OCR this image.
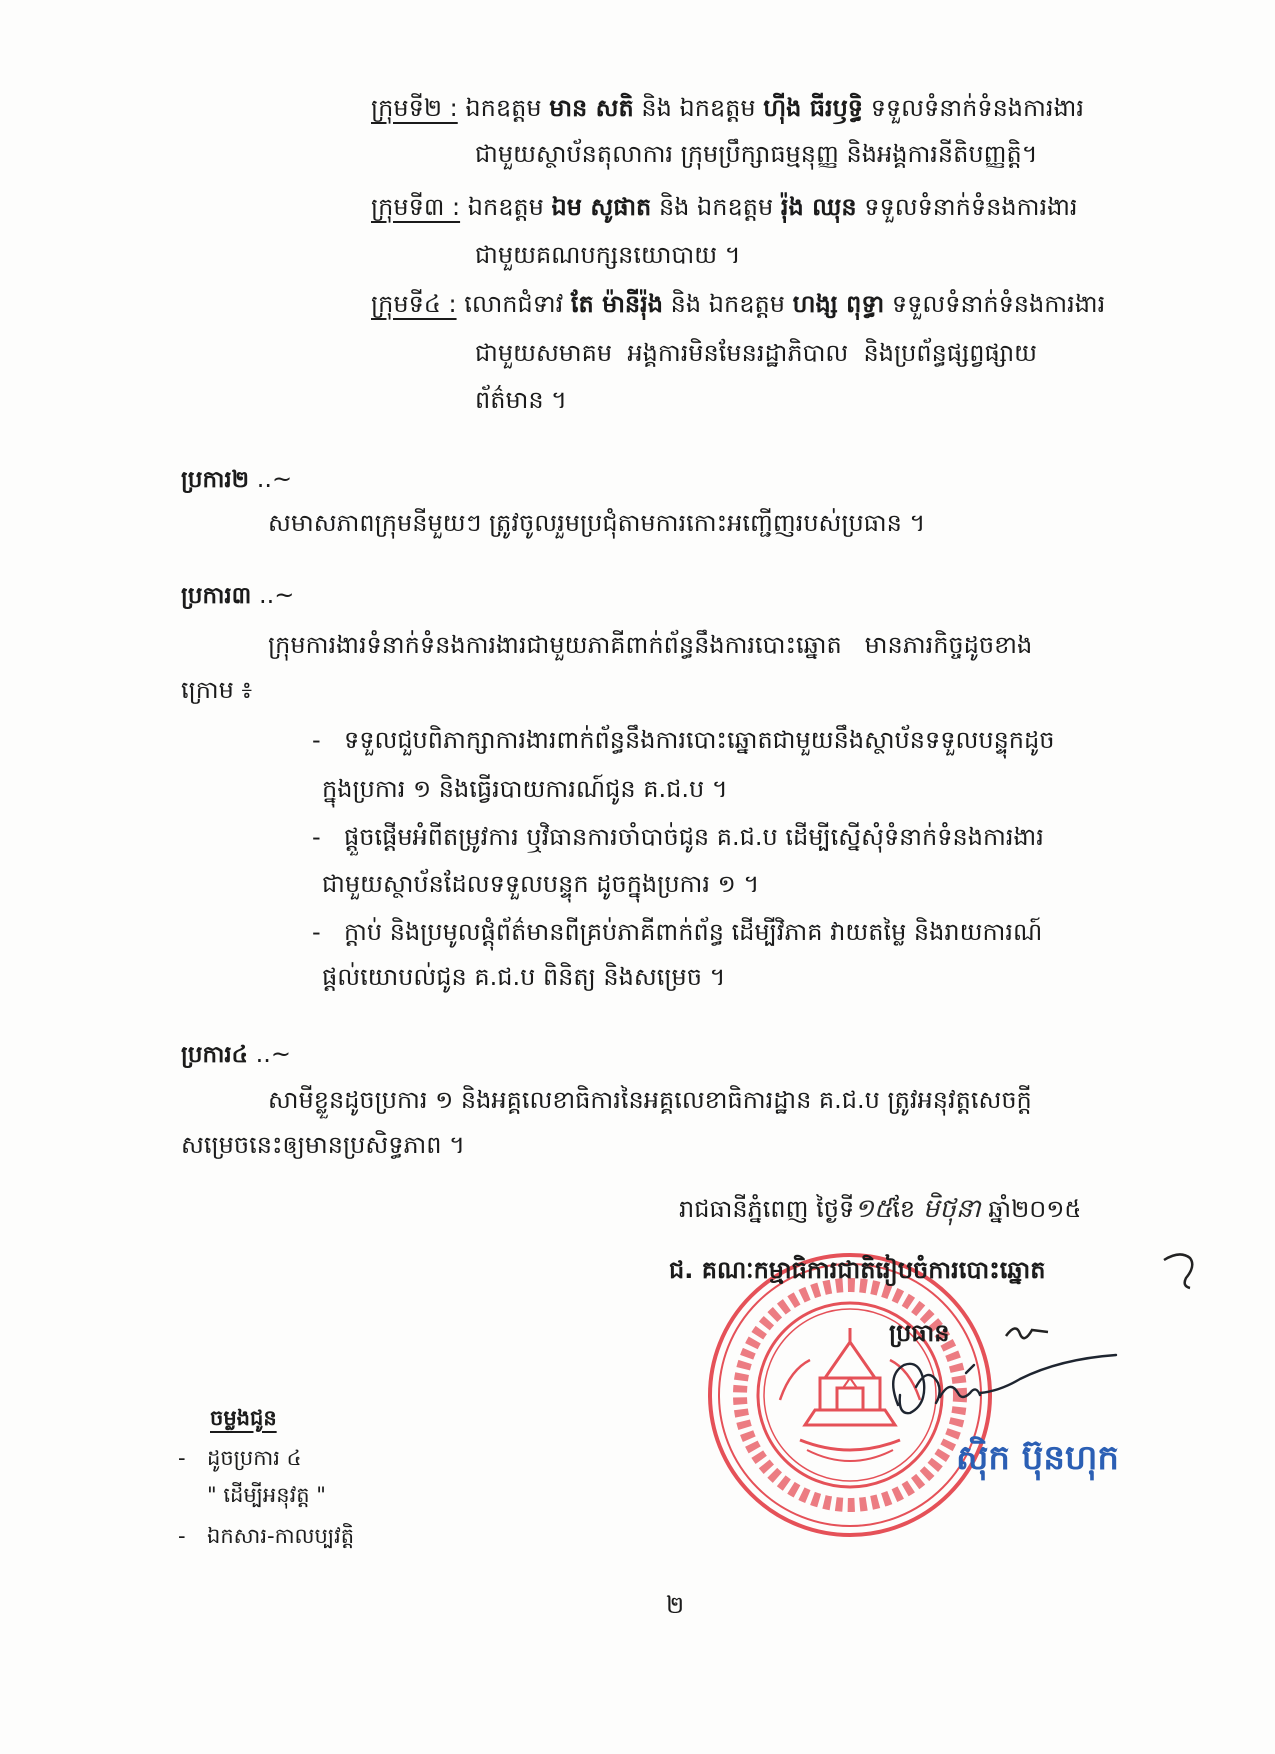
ក្រុមទី២ : ឯកឧត្តម មាន សតិ និង ឯកឧត្តម ហ៊ីង ធីរឫទ្ធិ ទទួលទំនាក់ទំនងការងារ
ជាមួយស្ថាប័នតុលាការ ក្រុមប្រឹក្សាធម្មនុញ្ញ និងអង្គការនីតិបញ្ញត្តិ។
ក្រុមទី៣ : ឯកឧត្តម ឯម សូផាត និង ឯកឧត្តម រ៉ុង ឈុន ទទួលទំនាក់ទំនងការងារ
ជាមួយគណបក្សនយោបាយ ។
ក្រុមទី៤ : លោកជំទាវ តែ ម៉ានីរ៉ុង និង ឯកឧត្តម ហង្ស ពុទ្ធា ទទួលទំនាក់ទំនងការងារ
ជាមួយសមាគម  អង្គការមិនមែនរដ្ឋាភិបាល  និងប្រព័ន្ធផ្សព្វផ្សាយ
ព័ត៌មាន ។
ប្រការ២ ..~
សមាសភាពក្រុមនីមួយៗ ត្រូវចូលរួមប្រជុំតាមការកោះអញ្ជើញរបស់ប្រធាន ។
ប្រការ៣ ..~
ក្រុមការងារទំនាក់ទំនងការងារជាមួយភាគីពាក់ព័ន្ធនឹងការបោះឆ្នោត   មានភារកិច្ចដូចខាង
ក្រោម ៖
- ទទួលជួបពិភាក្សាការងារពាក់ព័ន្ធនឹងការបោះឆ្នោតជាមួយនឹងស្ថាប័នទទួលបន្ទុកដូច
ក្នុងប្រការ ១ និងធ្វើរបាយការណ៍ជូន គ.ជ.ប ។
- ផ្តួចផ្តើមអំពីតម្រូវការ ឬវិធានការចាំបាច់ជូន គ.ជ.ប ដើម្បីស្នើសុំទំនាក់ទំនងការងារ
ជាមួយស្ថាប័នដែលទទួលបន្ទុក ដូចក្នុងប្រការ ១ ។
- ក្តាប់ និងប្រមូលផ្តុំព័ត៌មានពីគ្រប់ភាគីពាក់ព័ន្ធ ដើម្បីវិភាគ វាយតម្លៃ និងរាយការណ៍
ផ្តល់យោបល់ជូន គ.ជ.ប ពិនិត្យ និងសម្រេច ។
ប្រការ៤ ..~
សាមីខ្លួនដូចប្រការ ១ និងអគ្គលេខាធិការនៃអគ្គលេខាធិការដ្ឋាន គ.ជ.ប ត្រូវអនុវត្តសេចក្តី
សម្រេចនេះឲ្យមានប្រសិទ្ធភាព ។
រាជធានីភ្នំពេញ ថ្ងៃទី១៥ខែ មិថុនា ឆ្នាំ២០១៥
ជ. គណៈកម្មាធិការជាតិរៀបចំការបោះឆ្នោត
ប្រធាន
ស៊ិក ប៊ុនហុក
ចម្លងជូន
-	ដូចប្រការ ៤
" ដើម្បីអនុវត្ត "
-	ឯកសារ-កាលប្បវត្តិ
២
